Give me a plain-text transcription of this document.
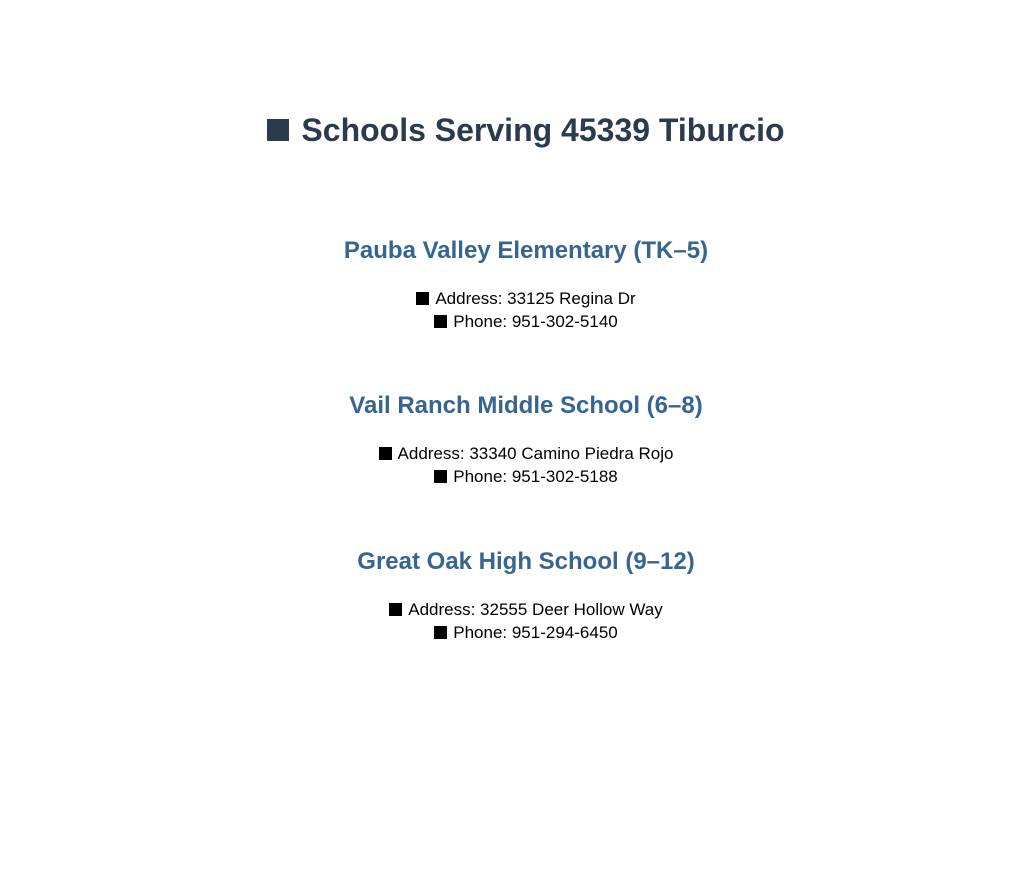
Schools Serving 45339 Tiburcio
Pauba Valley Elementary (TK–5)
Address: 33125 Regina Dr
Phone: 951-302-5140
Vail Ranch Middle School (6–8)
Address: 33340 Camino Piedra Rojo
Phone: 951-302-5188
Great Oak High School (9–12)
Address: 32555 Deer Hollow Way
Phone: 951-294-6450
